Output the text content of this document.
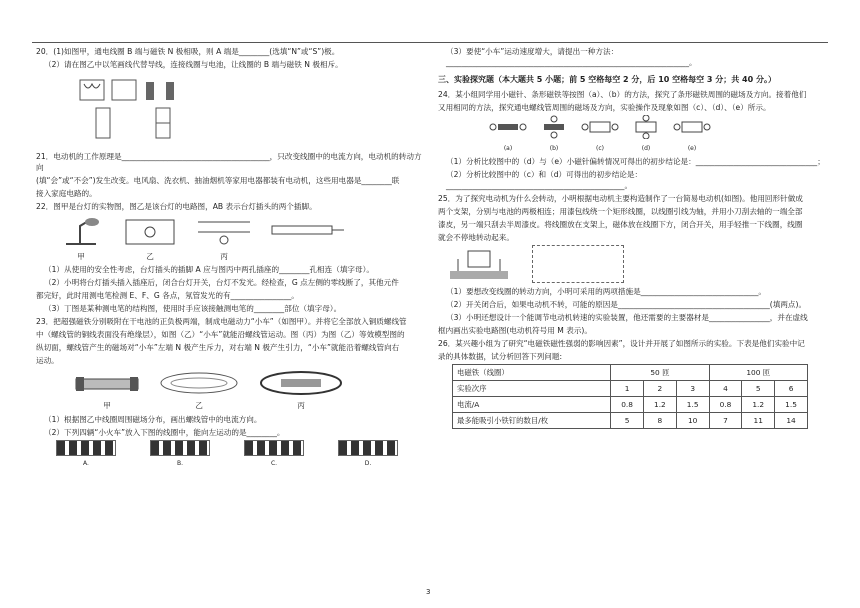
20．(1)如图甲，通电线圈 B 端与磁铁 N 极相吸，则 A 端是________(选填“N”或“S”)极。

（2）请在图乙中以笔画线代替导线，连接线圈与电池，让线圈的 B 端与磁铁 N 极相斥。

21．电动机的工作原理是_______________________________________，只改变线圈中的电流方向，电动机的转动方向

(填“会”或“不会”)发生改变。电风扇、洗衣机、抽油烟机等家用电器都装有电动机，这些用电器是________联

接入家庭电路的。

22．图甲是台灯的实物图，图乙是该台灯的电路图，AB 表示台灯插头的两个插脚。

甲	乙	丙

（1）从使用的安全性考虑，台灯插头的插脚 A 应与图丙中两孔插座的________孔相连（填字母）。

（2）小明将台灯插头插入插座后，闭合台灯开关，台灯不发光。经检查，G 点左侧的零线断了，其他元件

都完好，此时用测电笔检测 E、F、G 各点，氖管发光的有________________。

（3）丁图是某种测电笔的结构图，使用时手应该接触测电笔的________部位（填字母）。

23．把超强磁铁分别吸附在干电池的正负极两端，制成电磁动力“小车”（如图甲）。并将它全部放入铜质螺线管

中（螺线管的铜线表面没有绝缘层），如图（乙）“小车”就能沿螺线管运动。图（丙）为图（乙）等效模型图的

纵切面，螺线管产生的磁场对“小车”左端 N 极产生斥力，对右端 N 极产生引力，“小车”就能沿着螺线管向右

运动。

甲	乙	丙

（1）根据图乙中线圈周围磁场分布，画出螺线管中的电流方向。

（2）下列四辆“小火车”放入下图的线圈中，能向左运动的是________。

A.	B.	C.	D.

（3）要使“小车”运动速度增大，请提出一种方法：________________________________________________________________。

三、实验探究题（本大题共 5 小题；前 5 空格每空 2 分，后 10 空格每空 3 分；共 40 分。）

24．某小组同学用小磁针、条形磁铁等按图（a）、（b）的方法，探究了条形磁铁周围的磁场及方向。接着他们

又用相同的方法，探究通电螺线管周围的磁场及方向，实验操作及现象如图（c）、（d）、（e）所示。

(a)	(b)	(c)	(d)	(e)

（1）分析比较图中的（d）与（e）小磁针偏转情况可得出的初步结论是：________________________________；

（2）分析比较图中的（c）和（d）可得出的初步结论是：_______________________________________________。

25．为了探究电动机为什么会转动，小明根据电动机主要构造制作了一台简易电动机(如图)。他用回形针做成

两个支架，分别与电池的两极相连；用漆包线绕一个矩形线圈，以线圈引线为轴，并用小刀刮去轴的一端全部

漆皮，另一端只刮去半周漆皮。将线圈放在支架上，磁体放在线圈下方，闭合开关，用手轻推一下线圈，线圈

就会不停地转动起来。

（1）要想改变线圈的转动方向，小明可采用的两项措施是_______________________________。

（2）开关闭合后，如果电动机不转，可能的原因是________________________________________(填两点)。

（3）小明还想设计一个能调节电动机转速的实验装置，他还需要的主要器材是________________，并在虚线

框内画出实验电路图(电动机符号用 M 表示)。

26．某兴趣小组为了研究“电磁铁磁性强弱的影响因素”，设计并开展了如图所示的实验。下表是他们实验中记

录的具体数据，试分析回答下列问题:

电磁铁（线圈）	50 匝			100 匝		
实验次序	1	2	3	4	5	6
电流/A	0.8	1.2	1.5	0.8	1.2	1.5
最多能吸引小铁钉的数目/枚	5	8	10	7	11	14
3
